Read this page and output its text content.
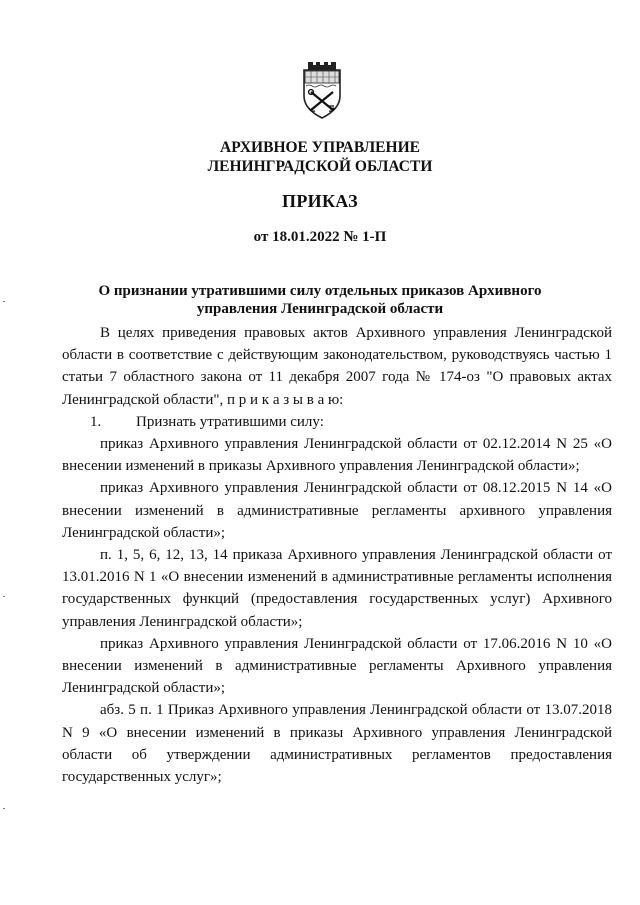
АРХИВНОЕ УПРАВЛЕНИЕ
ЛЕНИНГРАДСКОЙ ОБЛАСТИ

ПРИКАЗ

от 18.01.2022 № 1-П

О признании утратившими силу отдельных приказов Архивного
управления Ленинградской области

В целях приведения правовых актов Архивного управления Ленинградской области в соответствие с действующим законодательством, руководствуясь частью 1 статьи 7 областного закона от 11 декабря 2007 года № 174-оз "О правовых актах Ленинградской области", п р и к а з ы в а ю:

1. Признать утратившими силу:

приказ Архивного управления Ленинградской области от 02.12.2014 N 25 «О внесении изменений в приказы Архивного управления Ленинградской области»;

приказ Архивного управления Ленинградской области от 08.12.2015 N 14 «О внесении изменений в административные регламенты архивного управления Ленинградской области»;

п. 1, 5, 6, 12, 13, 14 приказа Архивного управления Ленинградской области от 13.01.2016 N 1 «О внесении изменений в административные регламенты исполнения государственных функций (предоставления государственных услуг) Архивного управления Ленинградской области»;

приказ Архивного управления Ленинградской области от 17.06.2016 N 10 «О внесении изменений в административные регламенты Архивного управления Ленинградской области»;

абз. 5 п. 1 Приказ Архивного управления Ленинградской области от 13.07.2018 N 9 «О внесении изменений в приказы Архивного управления Ленинградской области об утверждении административных регламентов предоставления государственных услуг»;
